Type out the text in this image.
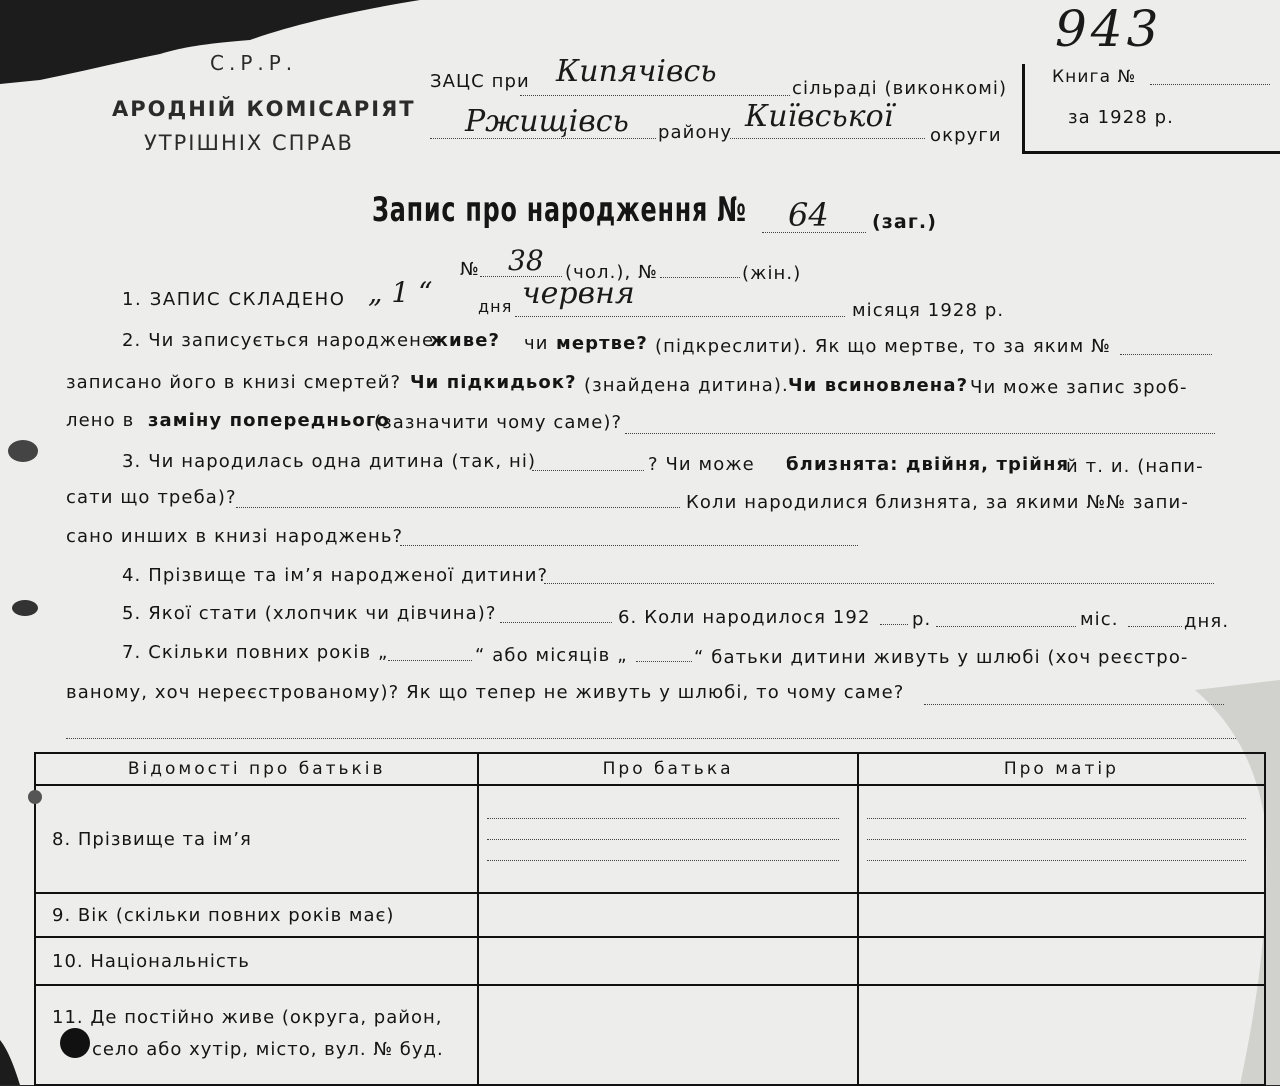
С.Р.Р.
АРОДНІЙ КОМІСАРІЯТ
УТРІШНІХ СПРАВ
ЗАЦС при Кипячівсь	сільраді (виконкомі)
Ржищівсь району Київської
округи
943
Книга №
за 1928 р.
Запис про народження № 64 (заг.)
№ 38 (чол.), №	(жін.)
1. ЗАПИС СКЛАДЕНО „ 1 “	дня червня	місяця 1928 р.
2. Чи записується народжене
живе? чи мертве? (підкреслити). Як що мертве, то за яким №
записано його в книзі смертей? Чи підкидьок? (знайдена дитина). Чи всиновлена? Чи може запис зроб-
лено в заміну попереднього
(зазначити чому саме)?
3. Чи народилась одна дитина (так, ні)	? Чи може близнята: двійня, трійня
й т. и. (напи-
сати що треба)?	Коли народилися близнята, за якими №№ запи-
сано инших в книзі народжень?
4. Прізвище та ім’я народженої дитини?
5. Якої стати (хлопчик чи дівчина)?	6. Коли народилося 192 р.	міс.	дня.
7. Скільки повних років „	“ або місяців „	“ батьки дитини живуть у шлюбі (хоч реєстро-
ваному, хоч нереєстрованому)? Як що тепер не живуть у шлюбі, то чому саме?
Відомості про батьків	Про батька	Про матір
8. Прізвище та ім’я	

9. Вік (скільки повних років має)		
10. Національність		

11. Де постійно живе (округа, район,
село або хутір, місто, вул. № буд.		
